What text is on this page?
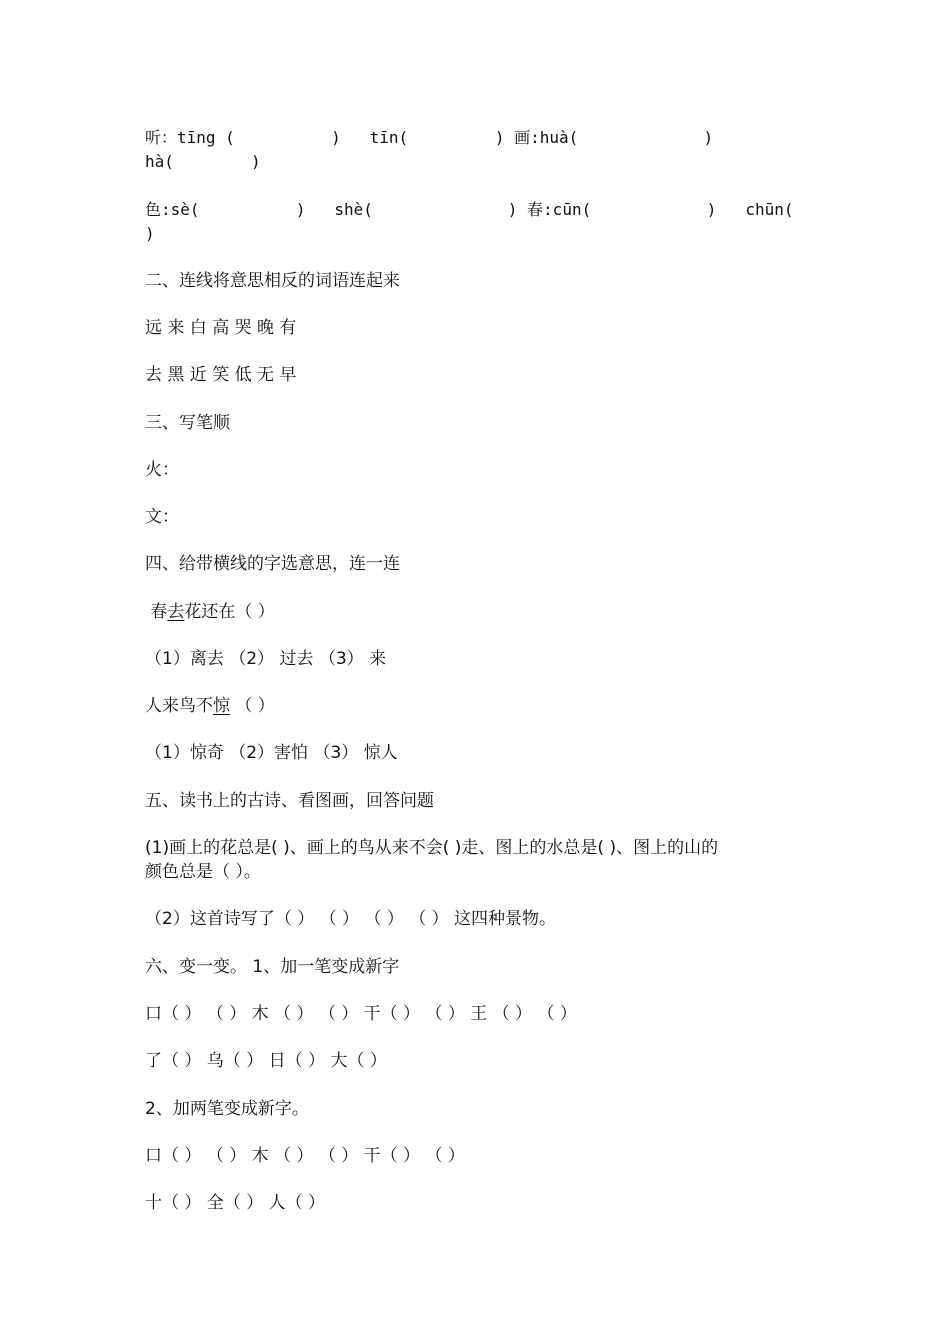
听：tīng (          )   tīn(         ) 画:huà(             )
hà(        )
色:sè(          )   shè(              ) 春:cūn(            )   chūn(
)
二、连线将意思相反的词语连起来
远 来 白 高 哭 晚 有
去 黑 近 笑 低 无 早
三、写笔顺
火：
文：
四、给带横线的字选意思，连一连
春去花还在（ ）
（1）离去 （2） 过去 （3） 来
人来鸟不惊 （ ）
（1）惊奇 （2）害怕 （3） 惊人
五、读书上的古诗、看图画，回答问题
(1)画上的花总是( )、画上的鸟从来不会( )走、图上的水总是( )、图上的山的
颜色总是（ ）。
（2）这首诗写了（ ） （ ） （ ） （ ） 这四种景物。
六、变一变。 1、加一笔变成新字
口（ ） （ ） 木 （ ） （ ） 干（ ） （ ） 王 （ ） （ ）
了（ ） 乌（ ） 日（ ） 大（ ）
2、加两笔变成新字。
口（ ） （ ） 木 （ ） （ ） 干（ ） （ ）
十（ ） 全（ ） 人（ ）
